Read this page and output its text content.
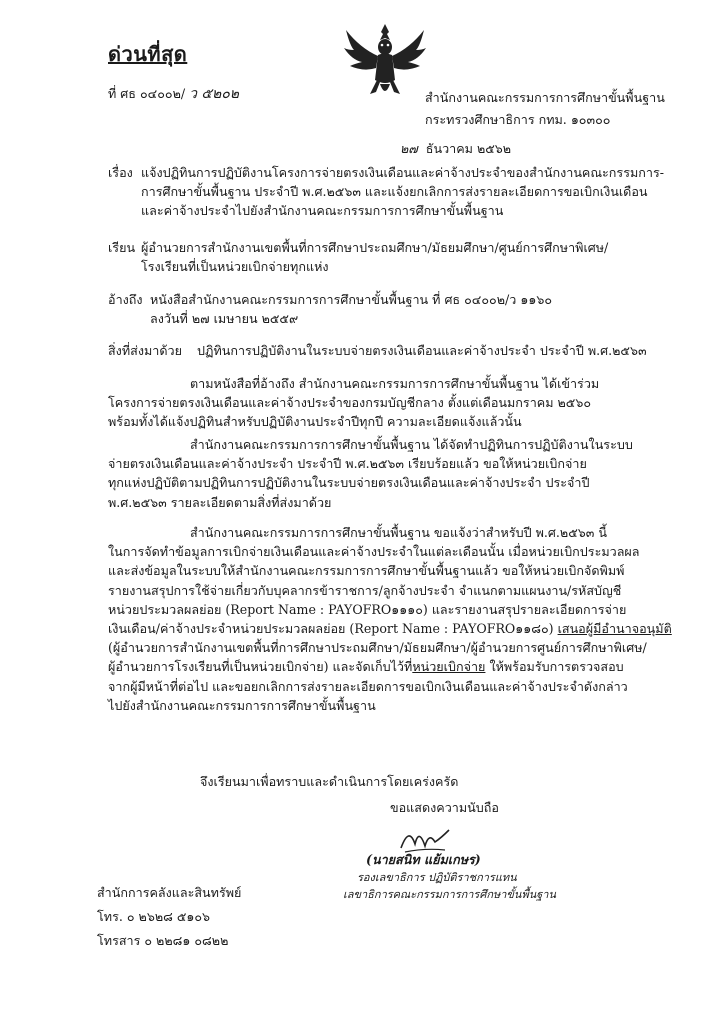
ด่วนที่สุด
ที่ ศธ ๐๔๐๐๒/ ว ๕๒๐๒	สำนักงานคณะกรรมการการศึกษาขั้นพื้นฐาน
กระทรวงศึกษาธิการ กทม. ๑๐๓๐๐
๒๗ ธันวาคม ๒๕๖๒
เรื่อง แจ้งปฏิทินการปฏิบัติงานโครงการจ่ายตรงเงินเดือนและค่าจ้างประจำของสำนักงานคณะกรรมการ-
การศึกษาขั้นพื้นฐาน ประจำปี พ.ศ.๒๕๖๓ และแจ้งยกเลิกการส่งรายละเอียดการขอเบิกเงินเดือน
และค่าจ้างประจำไปยังสำนักงานคณะกรรมการการศึกษาขั้นพื้นฐาน
เรียน ผู้อำนวยการสำนักงานเขตพื้นที่การศึกษาประถมศึกษา/มัธยมศึกษา/ศูนย์การศึกษาพิเศษ/
โรงเรียนที่เป็นหน่วยเบิกจ่ายทุกแห่ง
อ้างถึง หนังสือสำนักงานคณะกรรมการการศึกษาขั้นพื้นฐาน ที่ ศธ ๐๔๐๐๒/ว ๑๑๖๐
ลงวันที่ ๒๗ เมษายน ๒๕๕๙
สิ่งที่ส่งมาด้วย ปฏิทินการปฏิบัติงานในระบบจ่ายตรงเงินเดือนและค่าจ้างประจำ ประจำปี พ.ศ.๒๕๖๓
ตามหนังสือที่อ้างถึง สำนักงานคณะกรรมการการศึกษาขั้นพื้นฐาน ได้เข้าร่วม
โครงการจ่ายตรงเงินเดือนและค่าจ้างประจำของกรมบัญชีกลาง ตั้งแต่เดือนมกราคม ๒๕๖๐
พร้อมทั้งได้แจ้งปฏิทินสำหรับปฏิบัติงานประจำปีทุกปี ความละเอียดแจ้งแล้วนั้น
สำนักงานคณะกรรมการการศึกษาขั้นพื้นฐาน ได้จัดทำปฏิทินการปฏิบัติงานในระบบ
จ่ายตรงเงินเดือนและค่าจ้างประจำ ประจำปี พ.ศ.๒๕๖๓ เรียบร้อยแล้ว ขอให้หน่วยเบิกจ่าย
ทุกแห่งปฏิบัติตามปฏิทินการปฏิบัติงานในระบบจ่ายตรงเงินเดือนและค่าจ้างประจำ ประจำปี
พ.ศ.๒๕๖๓ รายละเอียดตามสิ่งที่ส่งมาด้วย
สำนักงานคณะกรรมการการศึกษาขั้นพื้นฐาน ขอแจ้งว่าสำหรับปี พ.ศ.๒๕๖๓ นี้
ในการจัดทำข้อมูลการเบิกจ่ายเงินเดือนและค่าจ้างประจำในแต่ละเดือนนั้น เมื่อหน่วยเบิกประมวลผล
และส่งข้อมูลในระบบให้สำนักงานคณะกรรมการการศึกษาขั้นพื้นฐานแล้ว ขอให้หน่วยเบิกจัดพิมพ์
รายงานสรุปการใช้จ่ายเกี่ยวกับบุคลากรข้าราชการ/ลูกจ้างประจำ จำแนกตามแผนงาน/รหัสบัญชี
หน่วยประมวลผลย่อย (Report Name : PAYOFRO๑๑๑๐) และรายงานสรุปรายละเอียดการจ่าย
เงินเดือน/ค่าจ้างประจำหน่วยประมวลผลย่อย (Report Name : PAYOFRO๑๑๘๐) เสนอผู้มีอำนาจอนุมัติ
(ผู้อำนวยการสำนักงานเขตพื้นที่การศึกษาประถมศึกษา/มัธยมศึกษา/ผู้อำนวยการศูนย์การศึกษาพิเศษ/
ผู้อำนวยการโรงเรียนที่เป็นหน่วยเบิกจ่าย) และจัดเก็บไว้ที่หน่วยเบิกจ่าย ให้พร้อมรับการตรวจสอบ
จากผู้มีหน้าที่ต่อไป และขอยกเลิกการส่งรายละเอียดการขอเบิกเงินเดือนและค่าจ้างประจำดังกล่าว
ไปยังสำนักงานคณะกรรมการการศึกษาขั้นพื้นฐาน
จึงเรียนมาเพื่อทราบและดำเนินการโดยเคร่งครัด
ขอแสดงความนับถือ
(นายสนิท แย้มเกษร)
รองเลขาธิการ ปฏิบัติราชการแทน
เลขาธิการคณะกรรมการการศึกษาขั้นพื้นฐาน
สำนักการคลังและสินทรัพย์
โทร. ๐ ๒๖๒๘ ๕๑๐๖
โทรสาร ๐ ๒๒๘๑ ๐๘๒๒
